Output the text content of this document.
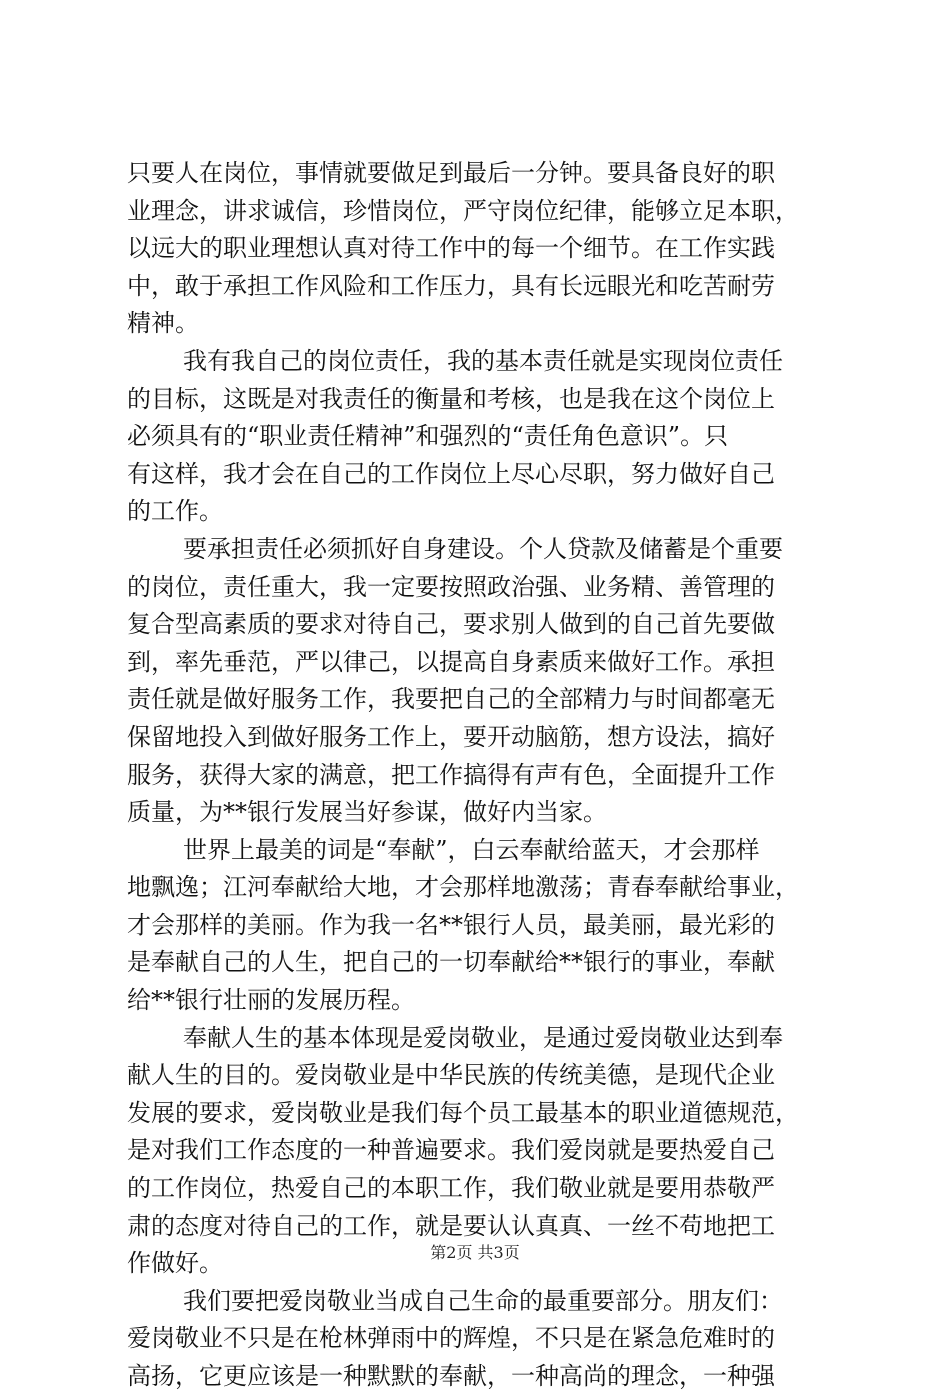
只要人在岗位，事情就要做足到最后一分钟。要具备良好的职
业理念，讲求诚信，珍惜岗位，严守岗位纪律，能够立足本职，
以远大的职业理想认真对待工作中的每一个细节。在工作实践
中，敢于承担工作风险和工作压力，具有长远眼光和吃苦耐劳
精神。
我有我自己的岗位责任，我的基本责任就是实现岗位责任
的目标，这既是对我责任的衡量和考核，也是我在这个岗位上
必须具有的“职业责任精神”和强烈的“责任角色意识”。只
有这样，我才会在自己的工作岗位上尽心尽职，努力做好自己
的工作。
要承担责任必须抓好自身建设。个人贷款及储蓄是个重要
的岗位，责任重大，我一定要按照政治强、业务精、善管理的
复合型高素质的要求对待自己，要求别人做到的自己首先要做
到，率先垂范，严以律己，以提高自身素质来做好工作。承担
责任就是做好服务工作，我要把自己的全部精力与时间都毫无
保留地投入到做好服务工作上，要开动脑筋，想方设法，搞好
服务，获得大家的满意，把工作搞得有声有色，全面提升工作
质量，为**银行发展当好参谋，做好内当家。
世界上最美的词是“奉献”，白云奉献给蓝天，才会那样
地飘逸；江河奉献给大地，才会那样地激荡；青春奉献给事业，
才会那样的美丽。作为我一名**银行人员，最美丽，最光彩的
是奉献自己的人生，把自己的一切奉献给**银行的事业，奉献
给**银行壮丽的发展历程。
奉献人生的基本体现是爱岗敬业，是通过爱岗敬业达到奉
献人生的目的。爱岗敬业是中华民族的传统美德，是现代企业
发展的要求，爱岗敬业是我们每个员工最基本的职业道德规范，
是对我们工作态度的一种普遍要求。我们爱岗就是要热爱自己
的工作岗位，热爱自己的本职工作，我们敬业就是要用恭敬严
肃的态度对待自己的工作，就是要认认真真、一丝不苟地把工
作做好。
我们要把爱岗敬业当成自己生命的最重要部分。朋友们：
爱岗敬业不只是在枪林弹雨中的辉煌，不只是在紧急危难时的
高扬，它更应该是一种默默的奉献，一种高尚的理念，一种强
第2页 共3页
